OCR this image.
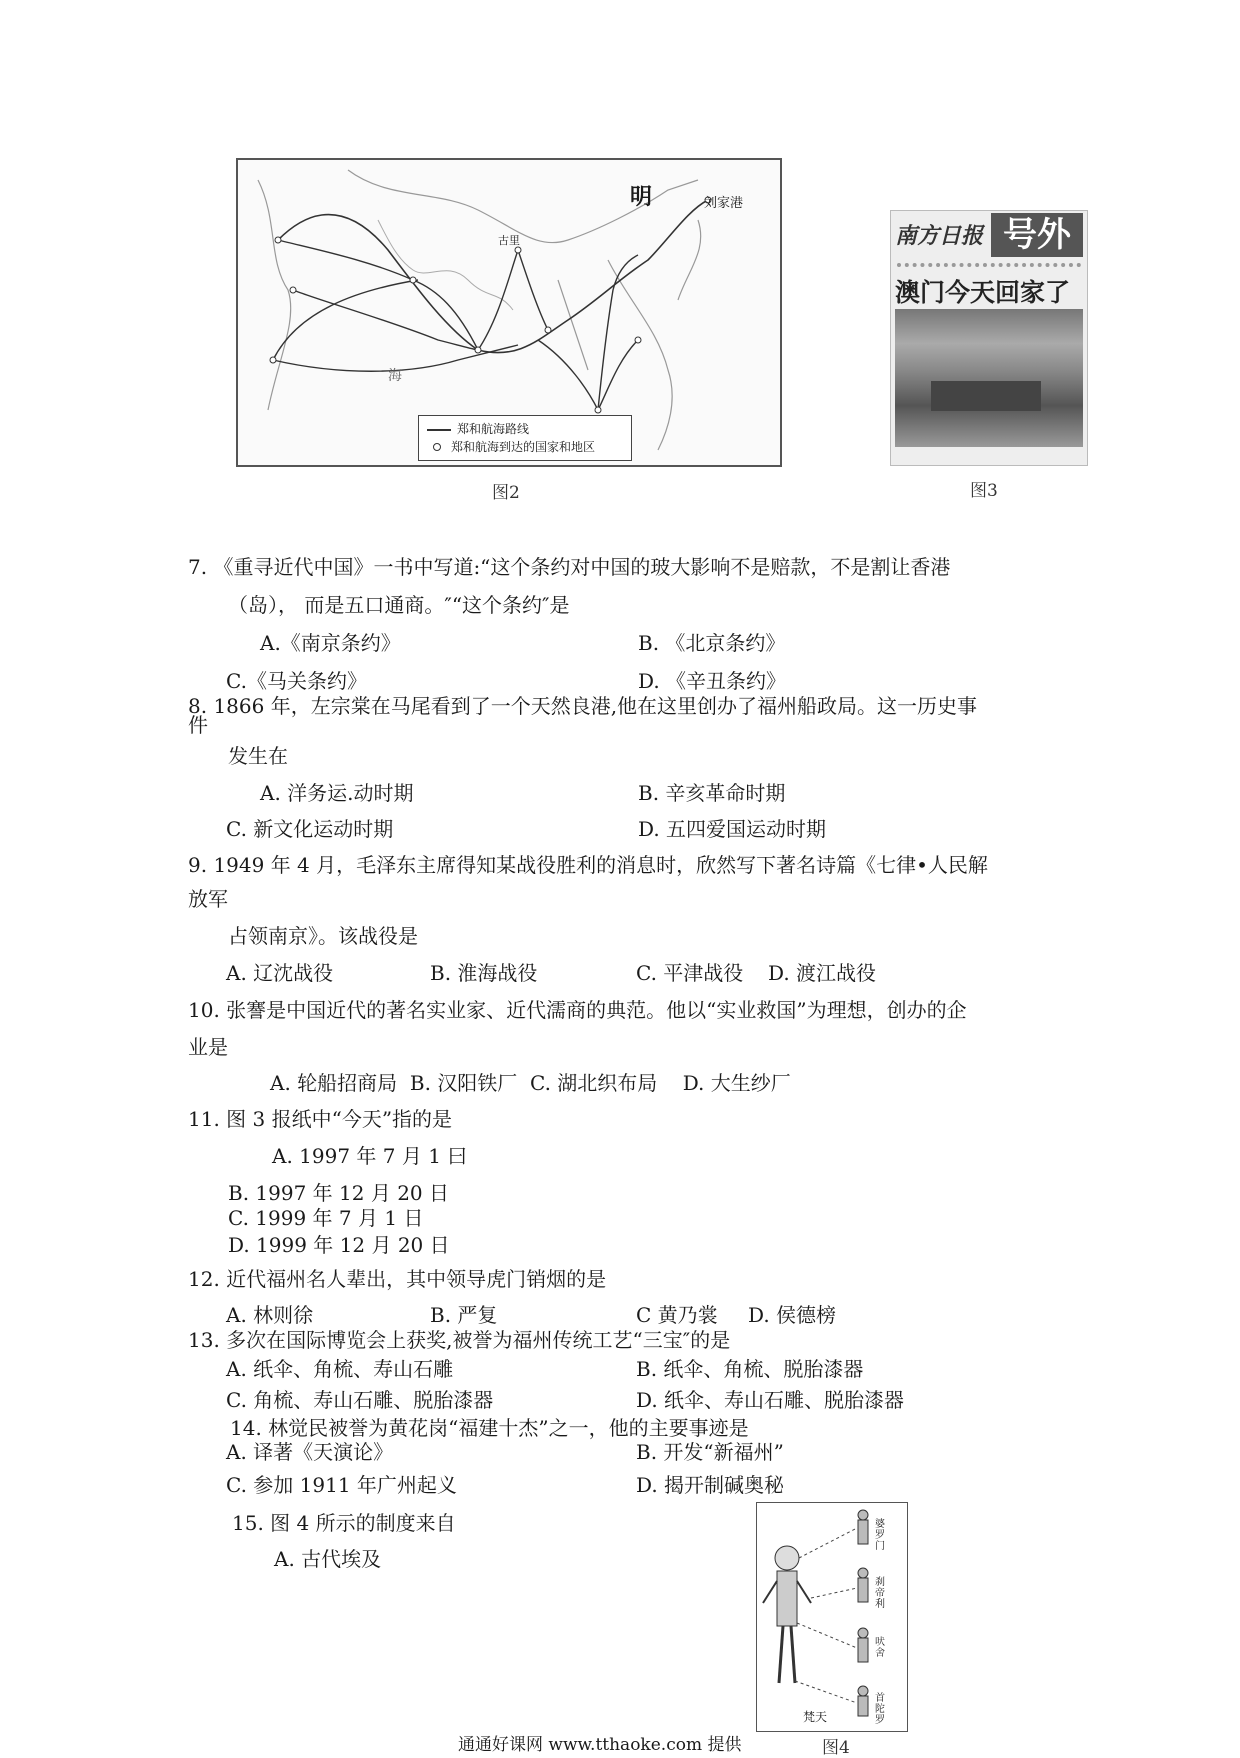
明	刘家港
古里
海
郑和航海路线
郑和航海到达的国家和地区
图2
南方日报 号外
澳门今天回家了
图3
7. 《重寻近代中国》一书中写道:“这个条约对中国的玻大影响不是赔款，不是割让香港
（岛）， 而是五口通商。″“这个条约″是
A.《南京条约》	B. 《北京条约》
C.《马关条约》	D. 《辛丑条约》
8. 1866 年，左宗棠在马尾看到了一个天然良港,他在这里创办了福州船政局。这一历史事
件
发生在
A. 洋务运.动时期	B. 辛亥革命时期
C. 新文化运动时期	D. 五四爱国运动时期
9. 1949 年 4 月，毛泽东主席得知某战役胜利的消息时，欣然写下著名诗篇《七律•人民解
放军
占领南京》。该战役是
A. 辽沈战役	B. 淮海战役	C. 平津战役 D. 渡江战役
10. 张謇是中国近代的著名实业家、近代濡商的典范。他以“实业救国”为理想，创办的企
业是
A. 轮船招商局  B. 汉阳铁厂  C. 湖北织布局    D. 大生纱厂
11. 图 3 报纸中“今天”指的是
A. 1997 年 7 月 1 曰
B. 1997 年 12 月 20 日
C. 1999 年 7 月 1 日
D. 1999 年 12 月 20 日
12. 近代福州名人辈出，其中领导虎门销烟的是
A. 林则徐	B. 严复	C 黄乃裳 D. 侯德榜
13. 多次在国际博览会上获奖,被誉为福州传统工艺“三宝″的是
A. 纸伞、角梳、寿山石雕	B. 纸伞、角梳、脱胎漆器
C. 角梳、寿山石雕、脱胎漆器	D. 纸伞、寿山石雕、脱胎漆器
14. 林觉民被誉为黄花岗“福建十杰”之一，他的主要事迹是
A. 译著《天演论》	B. 开发“新福州”
C. 参加 1911 年广州起义	D. 揭开制碱奥秘
15. 图 4 所示的制度来自
A. 古代埃及
婆罗门
刹帝利
吠 舍
首陀罗
梵天
图4
通通好课网 www.tthaoke.com 提供
